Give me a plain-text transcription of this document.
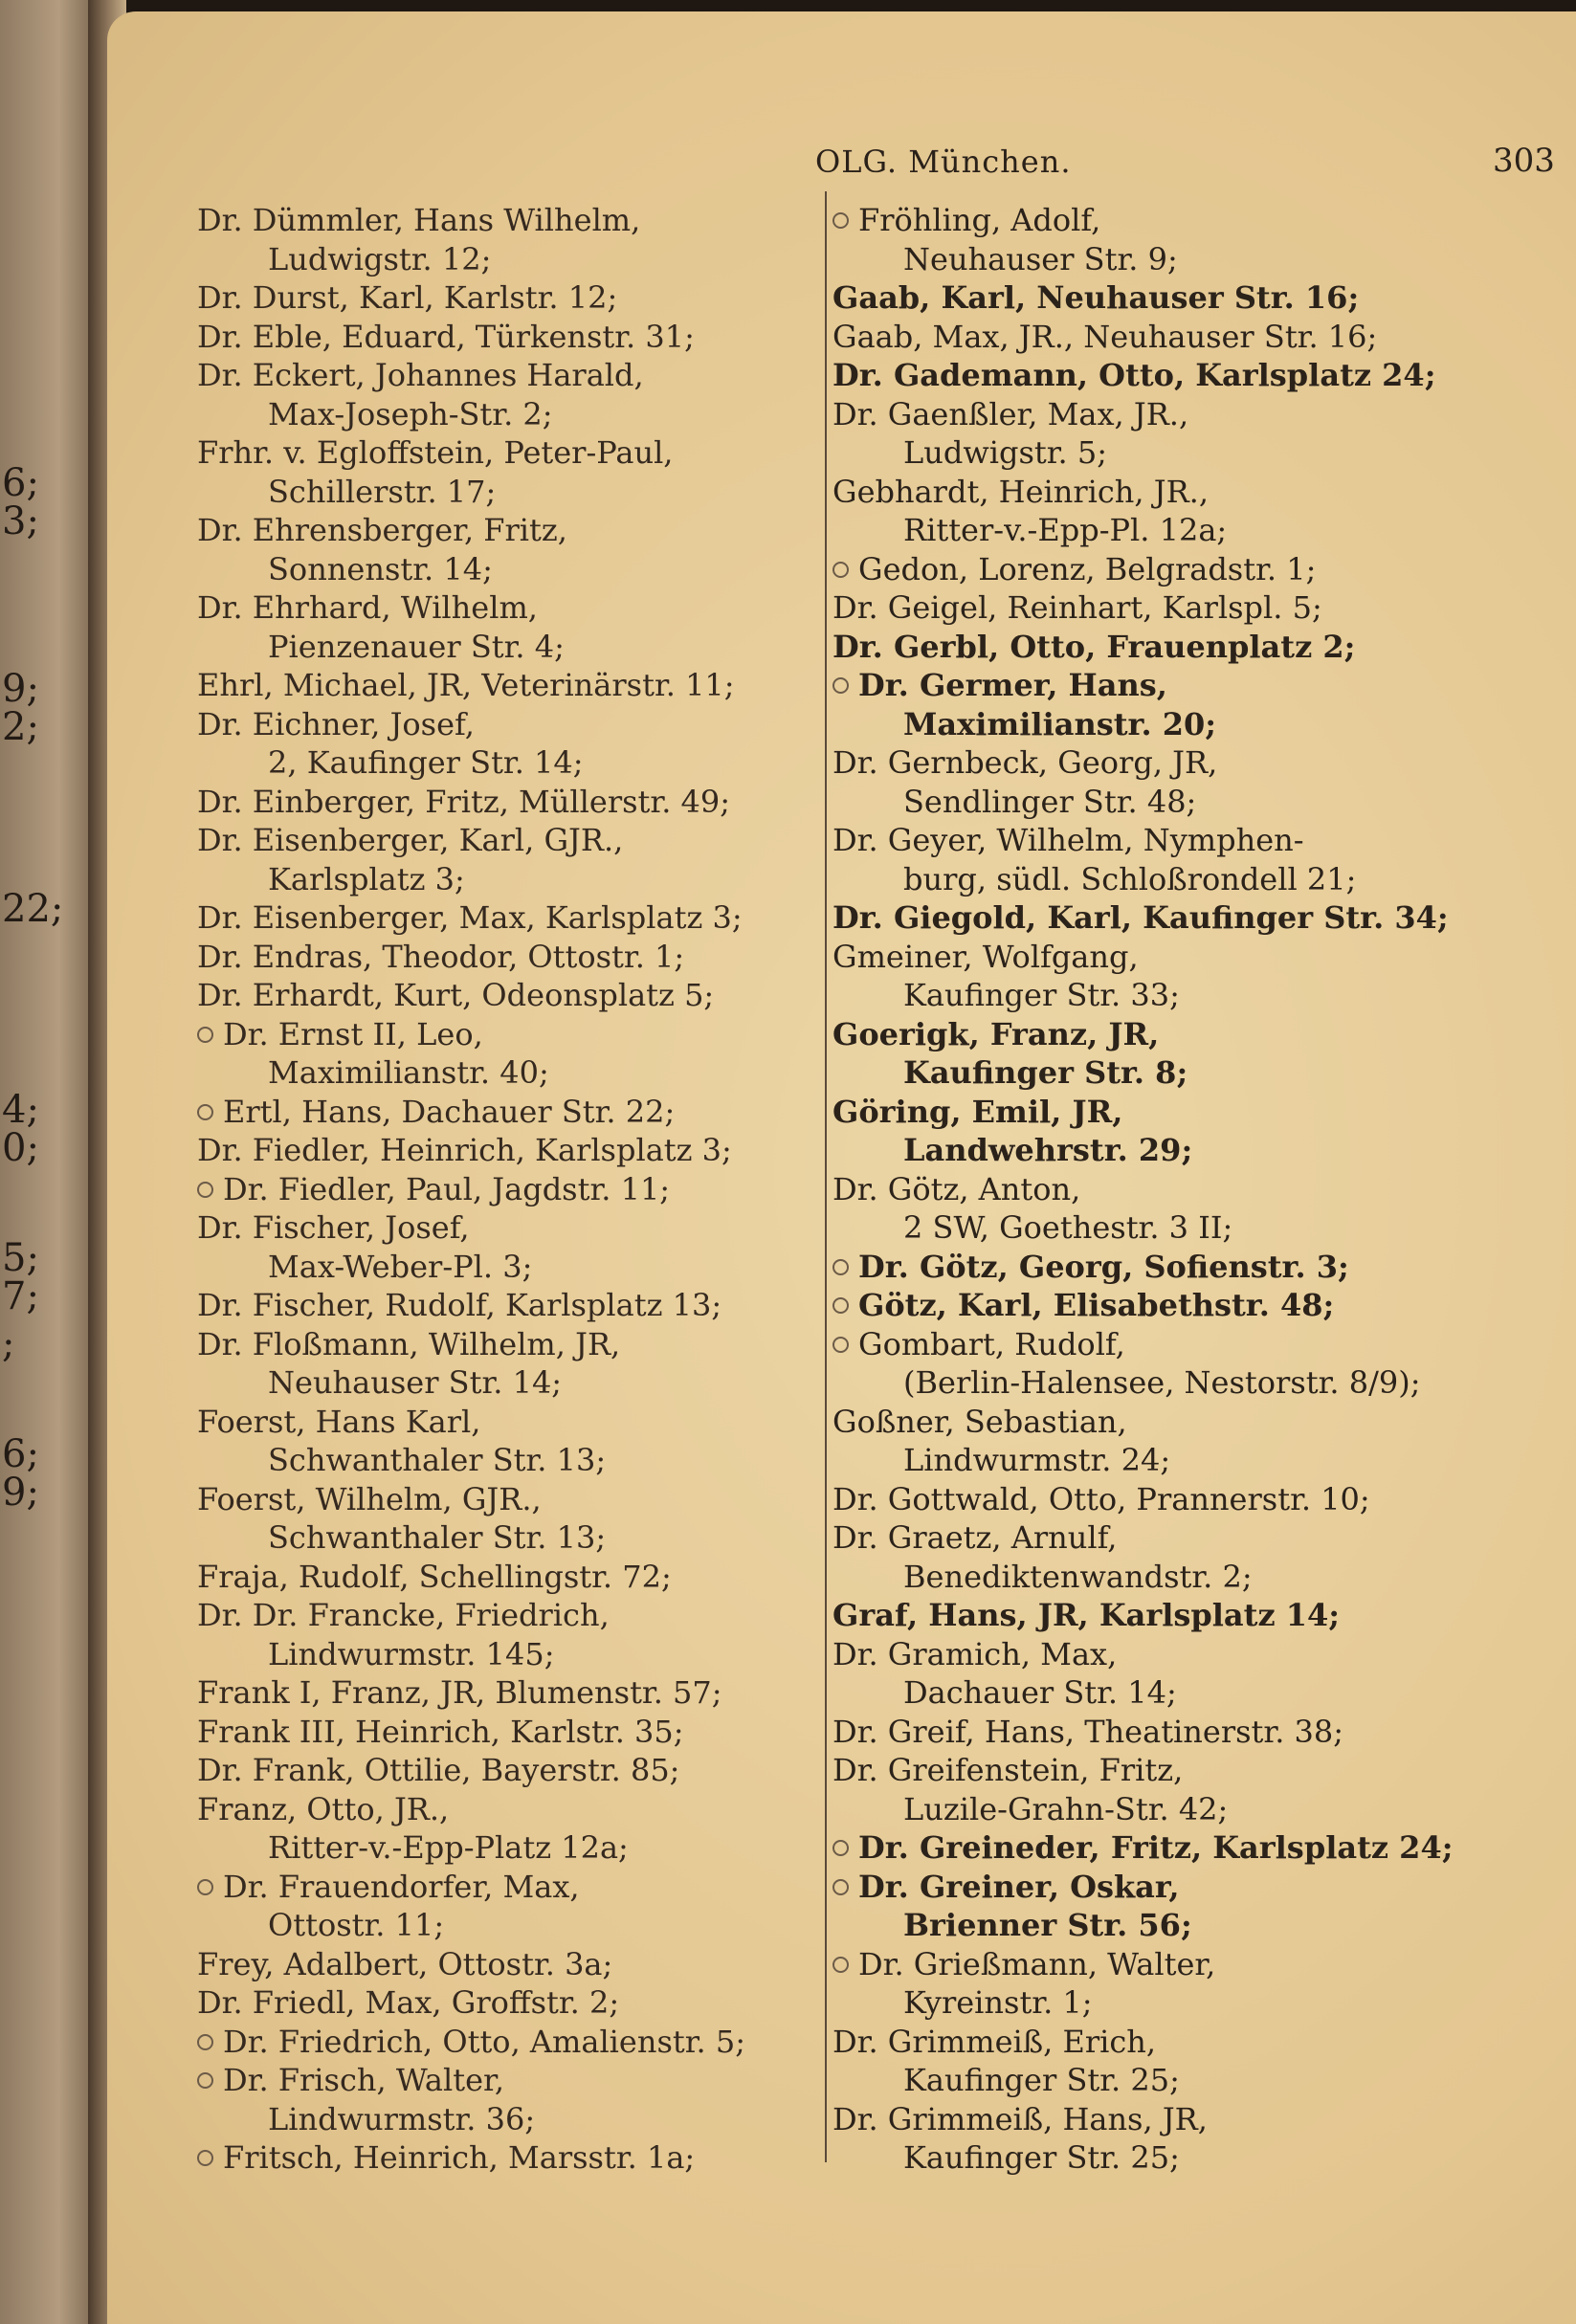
6;
3;
9;
2;
22;
4;
0;
5;
7;
;
6;
9;
OLG. München.	303
Dr. Dümmler, Hans Wilhelm,
Ludwigstr. 12;
Dr. Durst, Karl, Karlstr. 12;
Dr. Eble, Eduard, Türkenstr. 31;
Dr. Eckert, Johannes Harald,
Max-Joseph-Str. 2;
Frhr. v. Egloffstein, Peter-Paul,
Schillerstr. 17;
Dr. Ehrensberger, Fritz,
Sonnenstr. 14;
Dr. Ehrhard, Wilhelm,
Pienzenauer Str. 4;
Ehrl, Michael, JR, Veterinärstr. 11;
Dr. Eichner, Josef,
2, Kaufinger Str. 14;
Dr. Einberger, Fritz, Müllerstr. 49;
Dr. Eisenberger, Karl, GJR.,
Karlsplatz 3;
Dr. Eisenberger, Max, Karlsplatz 3;
Dr. Endras, Theodor, Ottostr. 1;
Dr. Erhardt, Kurt, Odeonsplatz 5;
Dr. Ernst II, Leo,
Maximilianstr. 40;
Ertl, Hans, Dachauer Str. 22;
Dr. Fiedler, Heinrich, Karlsplatz 3;
Dr. Fiedler, Paul, Jagdstr. 11;
Dr. Fischer, Josef,
Max-Weber-Pl. 3;
Dr. Fischer, Rudolf, Karlsplatz 13;
Dr. Floßmann, Wilhelm, JR,
Neuhauser Str. 14;
Foerst, Hans Karl,
Schwanthaler Str. 13;
Foerst, Wilhelm, GJR.,
Schwanthaler Str. 13;
Fraja, Rudolf, Schellingstr. 72;
Dr. Dr. Francke, Friedrich,
Lindwurmstr. 145;
Frank I, Franz, JR, Blumenstr. 57;
Frank III, Heinrich, Karlstr. 35;
Dr. Frank, Ottilie, Bayerstr. 85;
Franz, Otto, JR.,
Ritter-v.-Epp-Platz 12a;
Dr. Frauendorfer, Max,
Ottostr. 11;
Frey, Adalbert, Ottostr. 3a;
Dr. Friedl, Max, Groffstr. 2;
Dr. Friedrich, Otto, Amalienstr. 5;
Dr. Frisch, Walter,
Lindwurmstr. 36;
Fritsch, Heinrich, Marsstr. 1a;
Fröhling, Adolf,
Neuhauser Str. 9;
Gaab, Karl, Neuhauser Str. 16;
Gaab, Max, JR., Neuhauser Str. 16;
Dr. Gademann, Otto, Karlsplatz 24;
Dr. Gaenßler, Max, JR.,
Ludwigstr. 5;
Gebhardt, Heinrich, JR.,
Ritter-v.-Epp-Pl. 12a;
Gedon, Lorenz, Belgradstr. 1;
Dr. Geigel, Reinhart, Karlspl. 5;
Dr. Gerbl, Otto, Frauenplatz 2;
Dr. Germer, Hans,
Maximilianstr. 20;
Dr. Gernbeck, Georg, JR,
Sendlinger Str. 48;
Dr. Geyer, Wilhelm, Nymphen-
burg, südl. Schloßrondell 21;
Dr. Giegold, Karl, Kaufinger Str. 34;
Gmeiner, Wolfgang,
Kaufinger Str. 33;
Goerigk, Franz, JR,
Kaufinger Str. 8;
Göring, Emil, JR,
Landwehrstr. 29;
Dr. Götz, Anton,
2 SW, Goethestr. 3 II;
Dr. Götz, Georg, Sofienstr. 3;
Götz, Karl, Elisabethstr. 48;
Gombart, Rudolf,
(Berlin-Halensee, Nestorstr. 8/9);
Goßner, Sebastian,
Lindwurmstr. 24;
Dr. Gottwald, Otto, Prannerstr. 10;
Dr. Graetz, Arnulf,
Benediktenwandstr. 2;
Graf, Hans, JR, Karlsplatz 14;
Dr. Gramich, Max,
Dachauer Str. 14;
Dr. Greif, Hans, Theatinerstr. 38;
Dr. Greifenstein, Fritz,
Luzile-Grahn-Str. 42;
Dr. Greineder, Fritz, Karlsplatz 24;
Dr. Greiner, Oskar,
Brienner Str. 56;
Dr. Grießmann, Walter,
Kyreinstr. 1;
Dr. Grimmeiß, Erich,
Kaufinger Str. 25;
Dr. Grimmeiß, Hans, JR,
Kaufinger Str. 25;
